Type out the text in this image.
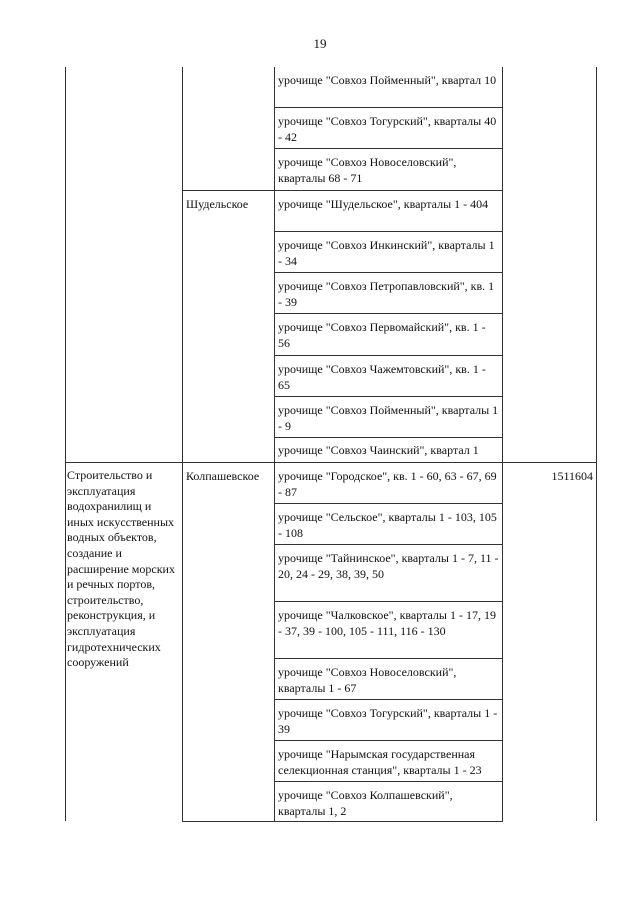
19
урочище "Совхоз Пойменный", квартал 10
урочище "Совхоз Тогурский", кварталы 40 - 42
урочище "Совхоз Новоселовский", кварталы 68 - 71
Шудельское	урочище "Шудельское", кварталы 1 - 404
урочище "Совхоз Инкинский", кварталы 1 - 34
урочище "Совхоз Петропавловский", кв. 1 - 39
урочище "Совхоз Первомайский", кв. 1 - 56
урочище "Совхоз Чажемтовский", кв. 1 - 65
урочище "Совхоз Пойменный", кварталы 1 - 9
урочище "Совхоз Чаинский", квартал 1
Строительство и эксплуатация водохранилищ и иных искусственных водных объектов, создание и расширение морских и речных портов, строительство, реконструкция, и эксплуатация гидротехнических сооружений
Колпашевское	1511604
урочище "Городское", кв. 1 - 60, 63 - 67, 69 - 87
урочище "Сельское", кварталы 1 - 103, 105 - 108
урочище "Тайнинское", кварталы 1 - 7, 11 - 20, 24 - 29, 38, 39, 50
урочище "Чалковское", кварталы 1 - 17, 19 - 37, 39 - 100, 105 - 111, 116 - 130
урочище "Совхоз Новоселовский", кварталы 1 - 67
урочище "Совхоз Тогурский", кварталы 1 - 39
урочище "Нарымская государственная селекционная станция", кварталы 1 - 23
урочище "Совхоз Колпашевский", кварталы 1, 2
